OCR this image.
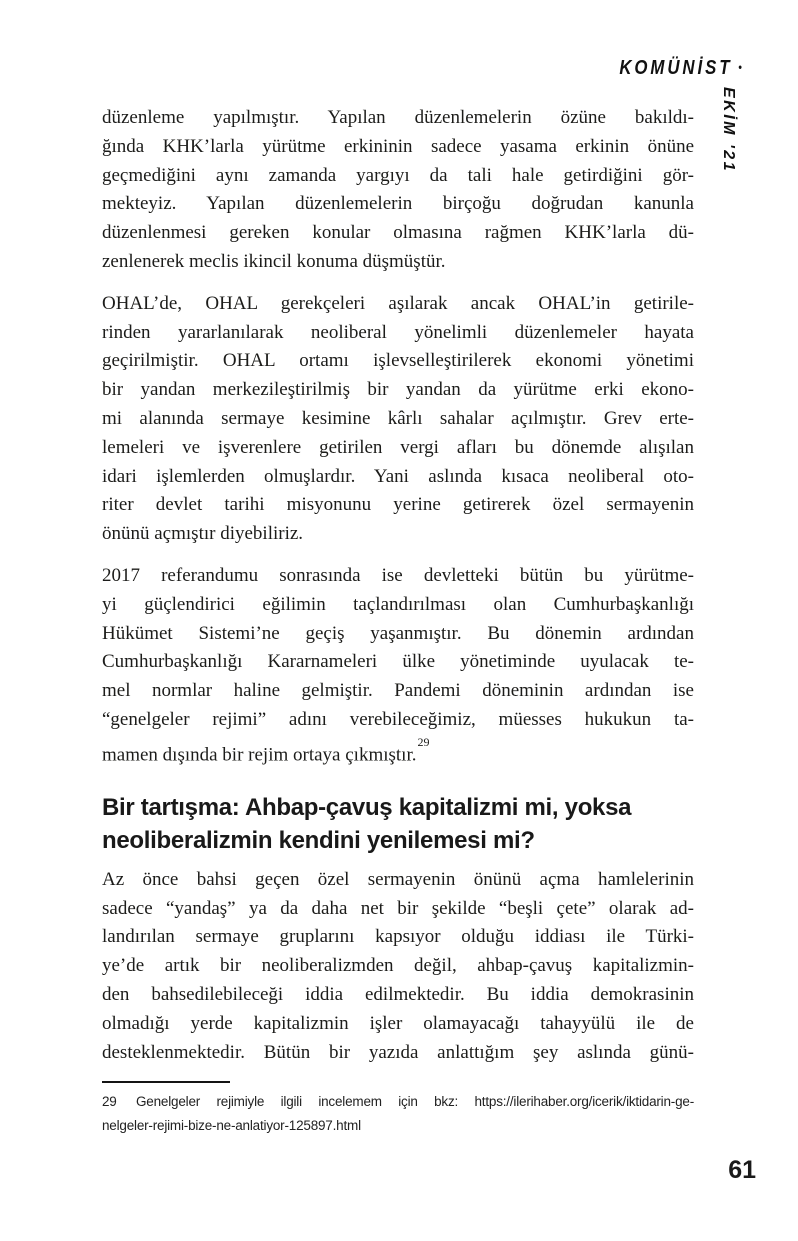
KOMÜNİST •
EKİM '21
düzenleme yapılmıştır. Yapılan düzenlemelerin özüne bakıldı-
ğında KHK’larla yürütme erkininin sadece yasama erkinin önüne
geçmediğini aynı zamanda yargıyı da tali hale getirdiğini gör-
mekteyiz. Yapılan düzenlemelerin birçoğu doğrudan kanunla
düzenlenmesi gereken konular olmasına rağmen KHK’larla dü-
zenlenerek meclis ikincil konuma düşmüştür.
OHAL’de, OHAL gerekçeleri aşılarak ancak OHAL’in getirile-
rinden yararlanılarak neoliberal yönelimli düzenlemeler hayata
geçirilmiştir. OHAL ortamı işlevselleştirilerek ekonomi yönetimi
bir yandan merkezileştirilmiş bir yandan da yürütme erki ekono-
mi alanında sermaye kesimine kârlı sahalar açılmıştır. Grev erte-
lemeleri ve işverenlere getirilen vergi afları bu dönemde alışılan
idari işlemlerden olmuşlardır. Yani aslında kısaca neoliberal oto-
riter devlet tarihi misyonunu yerine getirerek özel sermayenin
önünü açmıştır diyebiliriz.
2017 referandumu sonrasında ise devletteki bütün bu yürütme-
yi güçlendirici eğilimin taçlandırılması olan Cumhurbaşkanlığı
Hükümet Sistemi’ne geçiş yaşanmıştır. Bu dönemin ardından
Cumhurbaşkanlığı Kararnameleri ülke yönetiminde uyulacak te-
mel normlar haline gelmiştir. Pandemi döneminin ardından ise
“genelgeler rejimi” adını verebileceğimiz, müesses hukukun ta-
mamen dışında bir rejim ortaya çıkmıştır.$^{29}$
Bir tartışma: Ahbap-çavuş kapitalizmi mi, yoksa
neoliberalizmin kendini yenilemesi mi?
Az önce bahsi geçen özel sermayenin önünü açma hamlelerinin
sadece “yandaş” ya da daha net bir şekilde “beşli çete” olarak ad-
landırılan sermaye gruplarını kapsıyor olduğu iddiası ile Türki-
ye’de artık bir neoliberalizmden değil, ahbap-çavuş kapitalizmin-
den bahsedilebileceği iddia edilmektedir. Bu iddia demokrasinin
olmadığı yerde kapitalizmin işler olamayacağı tahayyülü ile de
desteklenmektedir. Bütün bir yazıda anlattığım şey aslında günü-
29	Genelgeler rejimiyle ilgili incelemem için bkz: https://ilerihaber.org/icerik/iktidarin-ge-
nelgeler-rejimi-bize-ne-anlatiyor-125897.html
61
